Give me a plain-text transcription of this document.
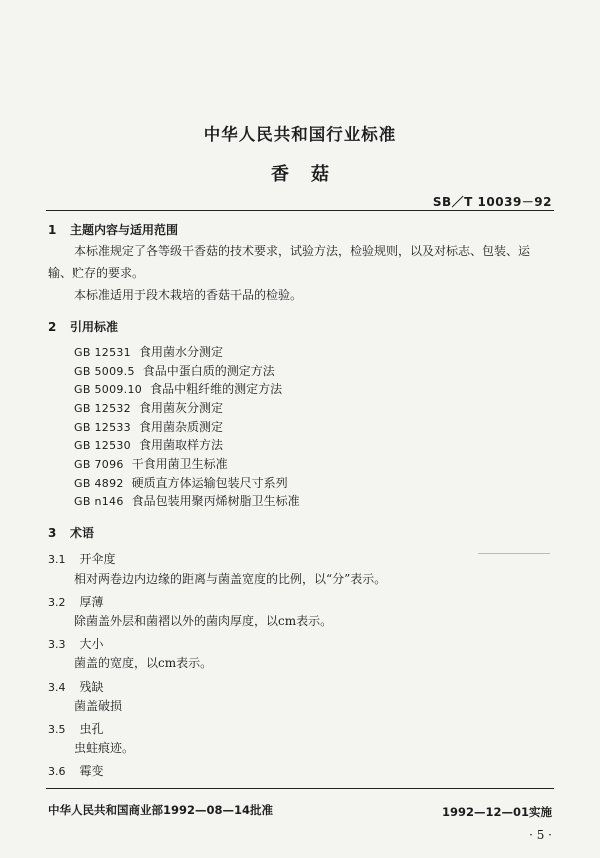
中华人民共和国行业标准
香菇
SB／T 10039－92
1 主题内容与适用范围
本标准规定了各等级干香菇的技术要求，试验方法，检验规则，以及对标志、包装、运
输、贮存的要求。
本标准适用于段木栽培的香菇干品的检验。
2 引用标准
GB 12531 食用菌水分测定
GB 5009.5 食品中蛋白质的测定方法
GB 5009.10 食品中粗纤维的测定方法
GB 12532 食用菌灰分测定
GB 12533 食用菌杂质测定
GB 12530 食用菌取样方法
GB 7096 干食用菌卫生标准
GB 4892 硬质直方体运输包装尺寸系列
GB n146 食品包装用聚丙烯树脂卫生标准
3 术语
3.1 开伞度
相对两卷边内边缘的距离与菌盖宽度的比例，以“分”表示。
3.2 厚薄
除菌盖外层和菌褶以外的菌肉厚度，以cm表示。
3.3 大小
菌盖的宽度，以cm表示。
3.4 残缺
菌盖破损
3.5 虫孔
虫蛀痕迹。
3.6 霉变
中华人民共和国商业部1992—08—14批准	1992—12—01实施
· 5 ·
